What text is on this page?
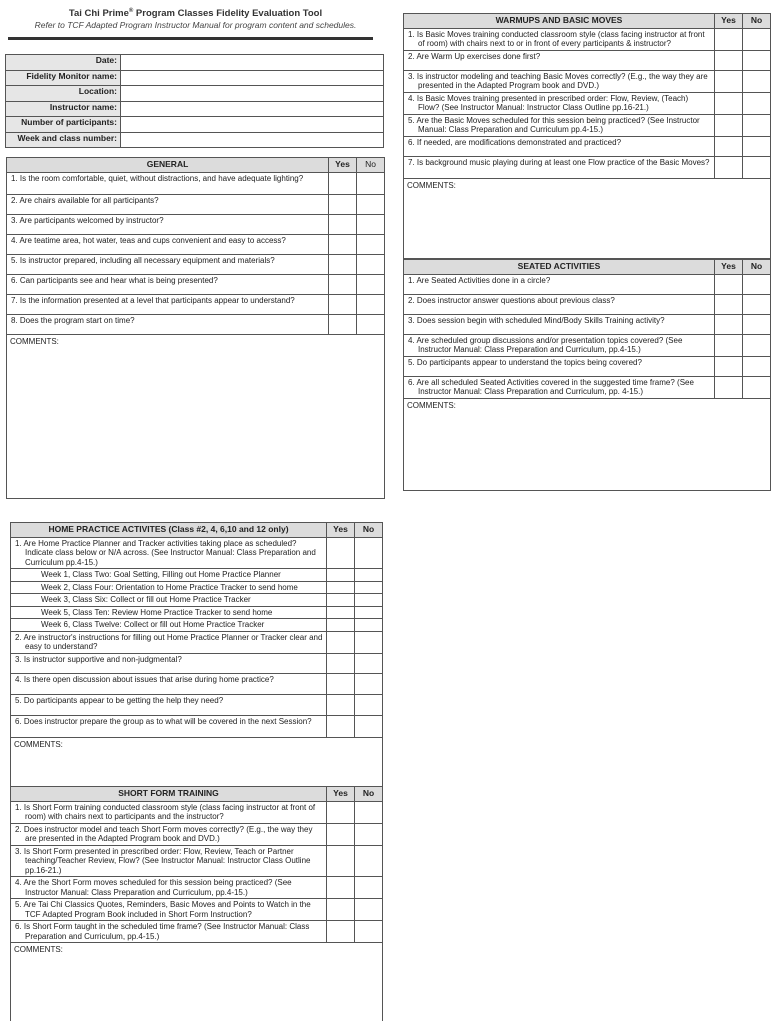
Tai Chi Prime® Program Classes Fidelity Evaluation Tool
Refer to TCF Adapted Program Instructor Manual for program content and schedules.
Date:	
Fidelity Monitor name:	
Location:	
Instructor name:	
Number of participants:	
Week and class number:	
GENERAL	Yes	No
1. Is the room comfortable, quiet, without distractions, and have adequate lighting?		
2. Are chairs available for all participants?		
3. Are participants welcomed by instructor?		
4. Are teatime area, hot water, teas and cups convenient and easy to access?		
5. Is instructor prepared, including all necessary equipment and materials?		
6. Can participants see and hear what is being presented?		
7. Is the information presented at a level that participants appear to understand?		
8. Does the program start on time?		
COMMENTS:		
WARMUPS AND BASIC MOVES	Yes	No
1. Is Basic Moves training conducted classroom style (class facing instructor at front of room) with chairs next to or in front of every participants & instructor?		
2. Are Warm Up exercises done first?		
3. Is instructor modeling and teaching Basic Moves correctly? (E.g., the way they are presented in the Adapted Program book and DVD.)		
4. Is Basic Moves training presented in prescribed order: Flow, Review, (Teach) Flow? (See Instructor Manual: Instructor Class Outline pp.16-21.)		
5. Are the Basic Moves scheduled for this session being practiced? (See Instructor Manual: Class Preparation and Curriculum pp.4-15.)		
6. If needed, are modifications demonstrated and practiced?		
7. Is background music playing during at least one Flow practice of the Basic Moves?		
COMMENTS:		
SEATED ACTIVITIES	Yes	No
1. Are Seated Activities done in a circle?		
2. Does instructor answer questions about previous class?		
3. Does session begin with scheduled Mind/Body Skills Training activity?		
4. Are scheduled group discussions and/or presentation topics covered? (See Instructor Manual: Class Preparation and Curriculum, pp.4-15.)		
5. Do participants appear to understand the topics being covered?		
6. Are all scheduled Seated Activities covered in the suggested time frame? (See Instructor Manual: Class Preparation and Curriculum, pp. 4-15.)		
COMMENTS:		
HOME PRACTICE ACTIVITES (Class #2, 4, 6,10 and 12 only)	Yes	No
1. Are Home Practice Planner and Tracker activities taking place as scheduled? Indicate class below or N/A across. (See Instructor Manual: Class Preparation and Curriculum pp.4-15.)		
Week 1, Class Two: Goal Setting, Filling out Home Practice Planner		
Week 2, Class Four: Orientation to Home Practice Tracker to send home		
Week 3, Class Six: Collect or fill out Home Practice Tracker		
Week 5, Class Ten: Review Home Practice Tracker to send home		
Week 6, Class Twelve: Collect or fill out Home Practice Tracker		
2. Are instructor's instructions for filling out Home Practice Planner or Tracker clear and easy to understand?		
3. Is instructor supportive and non-judgmental?		
4. Is there open discussion about issues that arise during home practice?		
5. Do participants appear to be getting the help they need?		
6. Does instructor prepare the group as to what will be covered in the next Session?		
COMMENTS:		
SHORT FORM TRAINING	Yes	No
1. Is Short Form training conducted classroom style (class facing instructor at front of room) with chairs next to participants and the instructor?		
2. Does instructor model and teach Short Form moves correctly? (E.g., the way they are presented in the Adapted Program book and DVD.)		
3. Is Short Form presented in prescribed order: Flow, Review, Teach or Partner teaching/Teacher Review, Flow? (See Instructor Manual: Instructor Class Outline pp.16-21.)		
4. Are the Short Form moves scheduled for this session being practiced? (See Instructor Manual: Class Preparation and Curriculum, pp.4-15.)		
5. Are Tai Chi Classics Quotes, Reminders, Basic Moves and Points to Watch in the TCF Adapted Program Book included in Short Form Instruction?		
6. Is Short Form taught in the scheduled time frame? (See Instructor Manual: Class Preparation and Curriculum, pp.4-15.)		
COMMENTS:		
